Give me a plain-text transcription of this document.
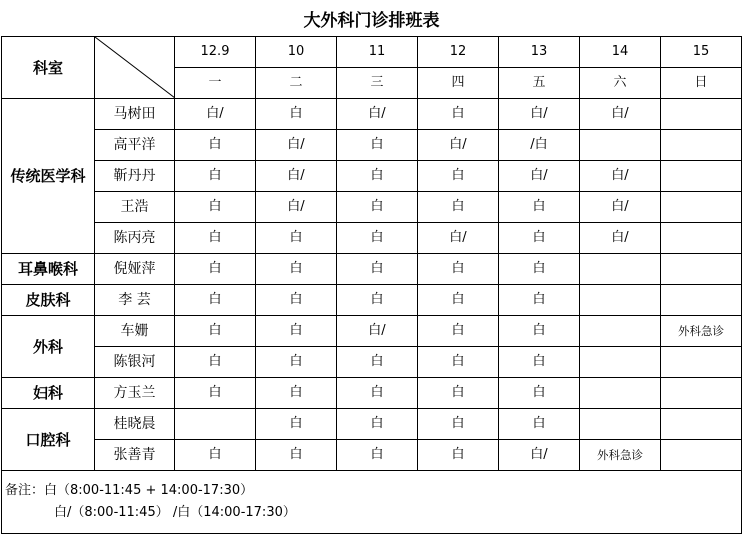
大外科门诊排班表
科室		12.9	10	11	12	13	14	15
		一	二	三	四	五	六	日
传统医学科	马树田	白/	白	白/	白	白/	白/	
	高平洋	白	白/	白	白/	/白		
	靳丹丹	白	白/	白	白	白/	白/	
	王浩	白	白/	白	白	白	白/	
	陈丙亮	白	白	白	白/	白	白/	
耳鼻喉科	倪娅萍	白	白	白	白	白		
皮肤科	李 芸	白	白	白	白	白		
外科	车姗	白	白	白/	白	白		外科急诊
	陈银河	白	白	白	白	白		
妇科	方玉兰	白	白	白	白	白		
口腔科	桂晓晨		白	白	白	白		
	张善青	白	白	白	白	白/	外科急诊	

备注：白（8:00-11:45 + 14:00-17:30）
白/（8:00-11:45） /白（14:00-17:30）								
